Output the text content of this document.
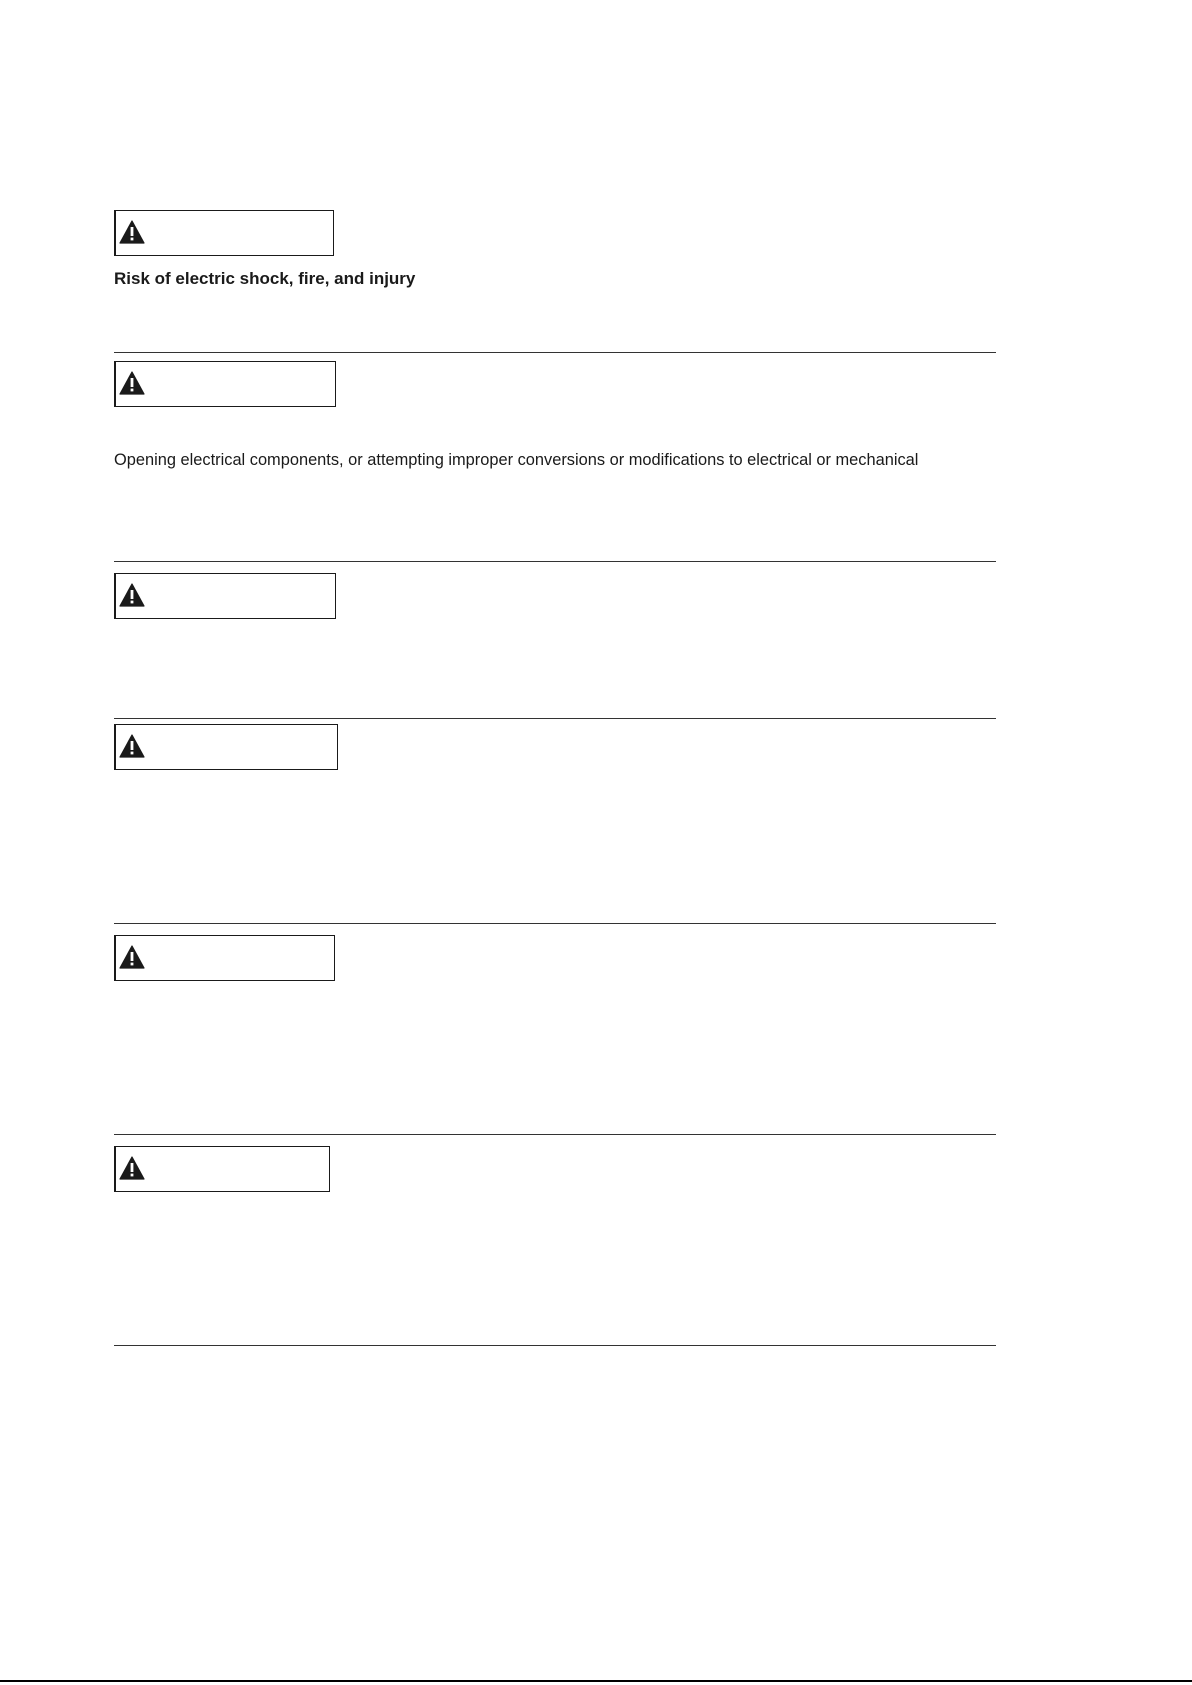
Risk of electric shock, fire, and injury
Opening electrical components, or attempting improper conversions or modifications to electrical or mechanical
